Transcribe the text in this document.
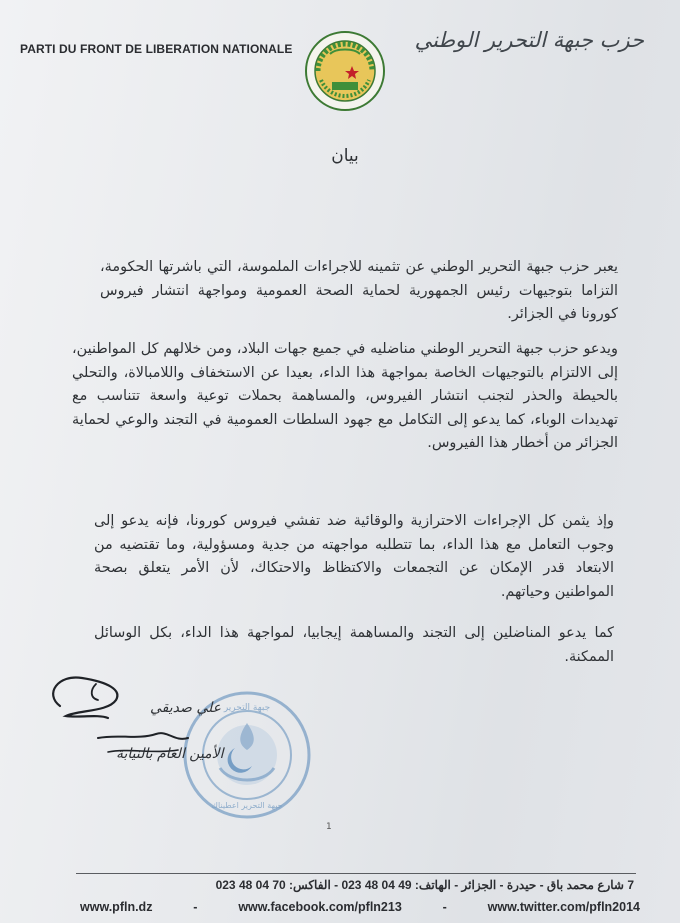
PARTI DU FRONT DE LIBERATION NATIONALE	حزب جبهة التحرير الوطني
بيان

يعبر حزب جبهة التحرير الوطني عن تثمينه للاجراءات الملموسة، التي باشرتها الحكومة، التزاما بتوجيهات رئيس الجمهورية لحماية الصحة العمومية ومواجهة انتشار فيروس كورونا في الجزائر.

ويدعو حزب جبهة التحرير الوطني مناضليه في جميع جهات البلاد، ومن خلالهم كل المواطنين، إلى الالتزام بالتوجيهات الخاصة بمواجهة هذا الداء، بعيدا عن الاستخفاف واللامبالاة، والتحلي بالحيطة والحذر لتجنب انتشار الفيروس، والمساهمة بحملات توعية واسعة تتناسب مع تهديدات الوباء، كما يدعو إلى التكامل مع جهود السلطات العمومية في التجند والوعي لحماية الجزائر من أخطار هذا الفيروس.

وإذ يثمن كل الإجراءات الاحترازية والوقائية ضد تفشي فيروس كورونا، فإنه يدعو إلى وجوب التعامل مع هذا الداء، بما تتطلبه مواجهته من جدية ومسؤولية، وما تقتضيه من الابتعاد قدر الإمكان عن التجمعات والاكتظاظ والاحتكاك، لأن الأمر يتعلق بصحة المواطنين وحياتهم.

كما يدعو المناضلين إلى التجند والمساهمة إيجابيا، لمواجهة هذا الداء، بكل الوسائل الممكنة.

جبهة التحرير
جبهة التحرير اعطيناك
علي صديقي
الأمين العام بالنيابة
1
7 شارع محمد باق - حيدرة - الجزائر - الهاتف: 49 04 48 023 - الفاكس: 70 04 48 023
www.pfln.dz	-	www.facebook.com/pfln213	-	www.twitter.com/pfln2014
